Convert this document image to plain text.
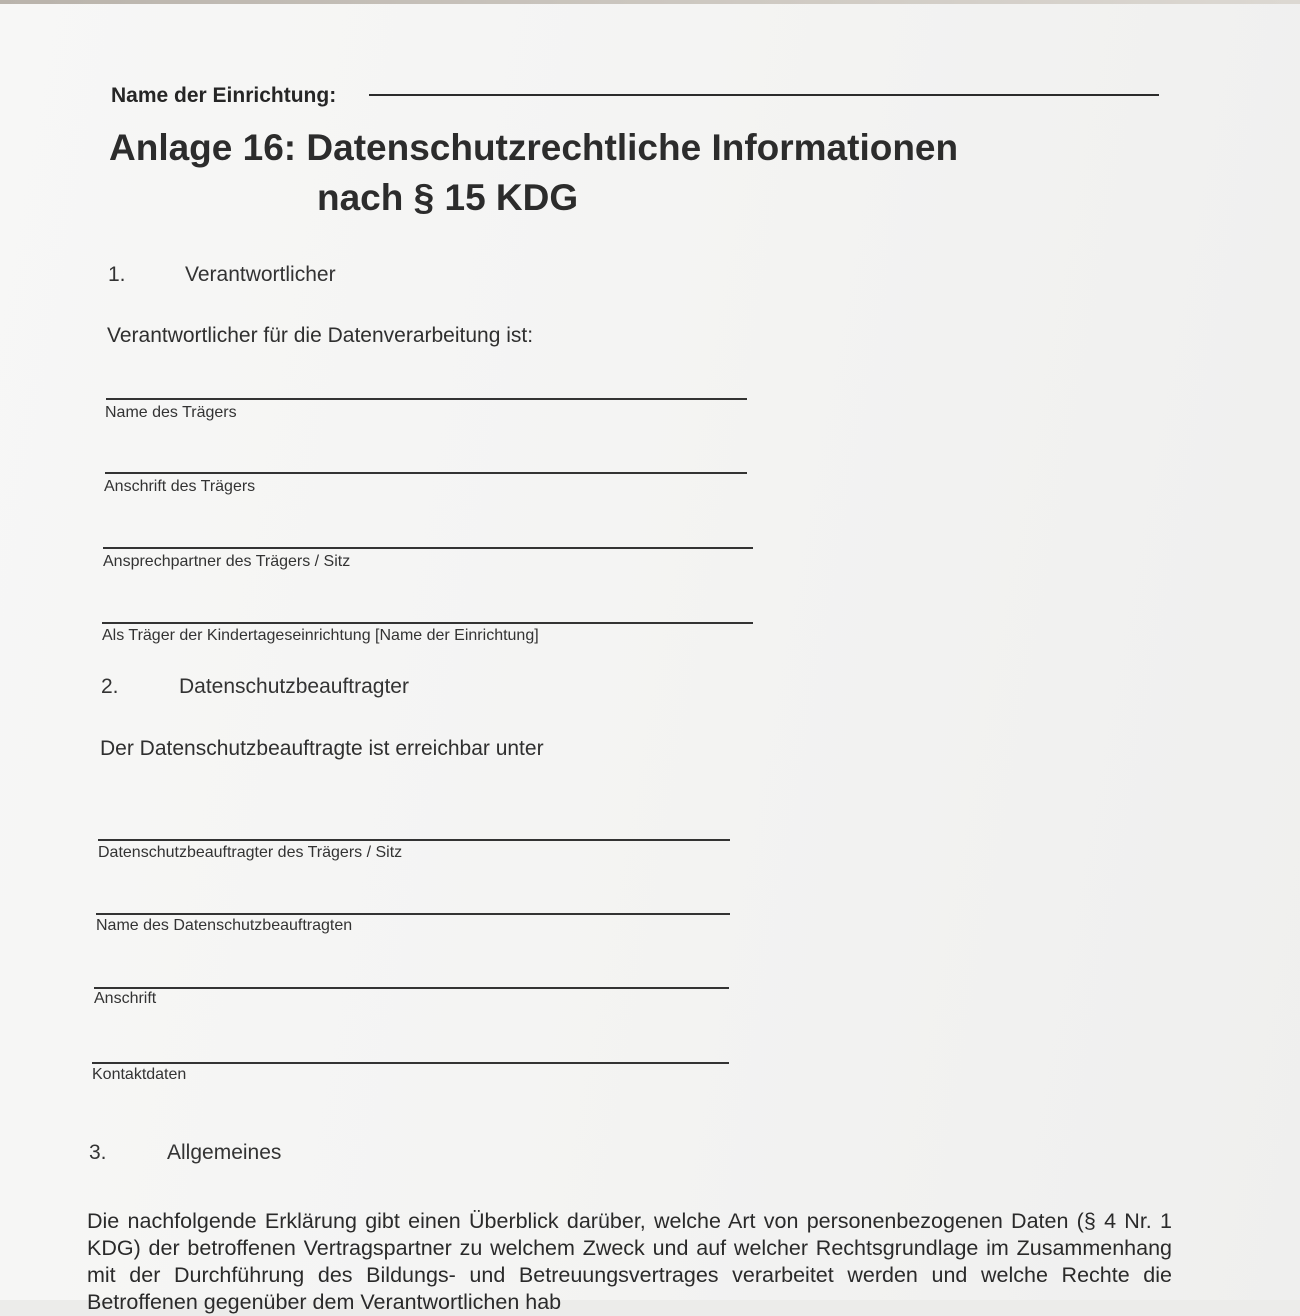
Name der Einrichtung:
Anlage 16: Datenschutzrechtliche Informationen
nach § 15 KDG
1.	Verantwortlicher
Verantwortlicher für die Datenverarbeitung ist:
Name des Trägers
Anschrift des Trägers
Ansprechpartner des Trägers / Sitz
Als Träger der Kindertageseinrichtung [Name der Einrichtung]
2.	Datenschutzbeauftragter
Der Datenschutzbeauftragte ist erreichbar unter
Datenschutzbeauftragter des Trägers / Sitz
Name des Datenschutzbeauftragten
Anschrift
Kontaktdaten
3.	Allgemeines
Die nachfolgende Erklärung gibt einen Überblick darüber, welche Art von personenbezogenen Daten (§ 4 Nr. 1 KDG) der betroffenen Vertragspartner zu welchem Zweck und auf welcher Rechtsgrundlage im Zusammenhang mit der Durchführung des Bildungs- und Betreuungsvertrages verarbeitet werden und welche Rechte die Betroffenen gegenüber dem Verantwortlichen hab
